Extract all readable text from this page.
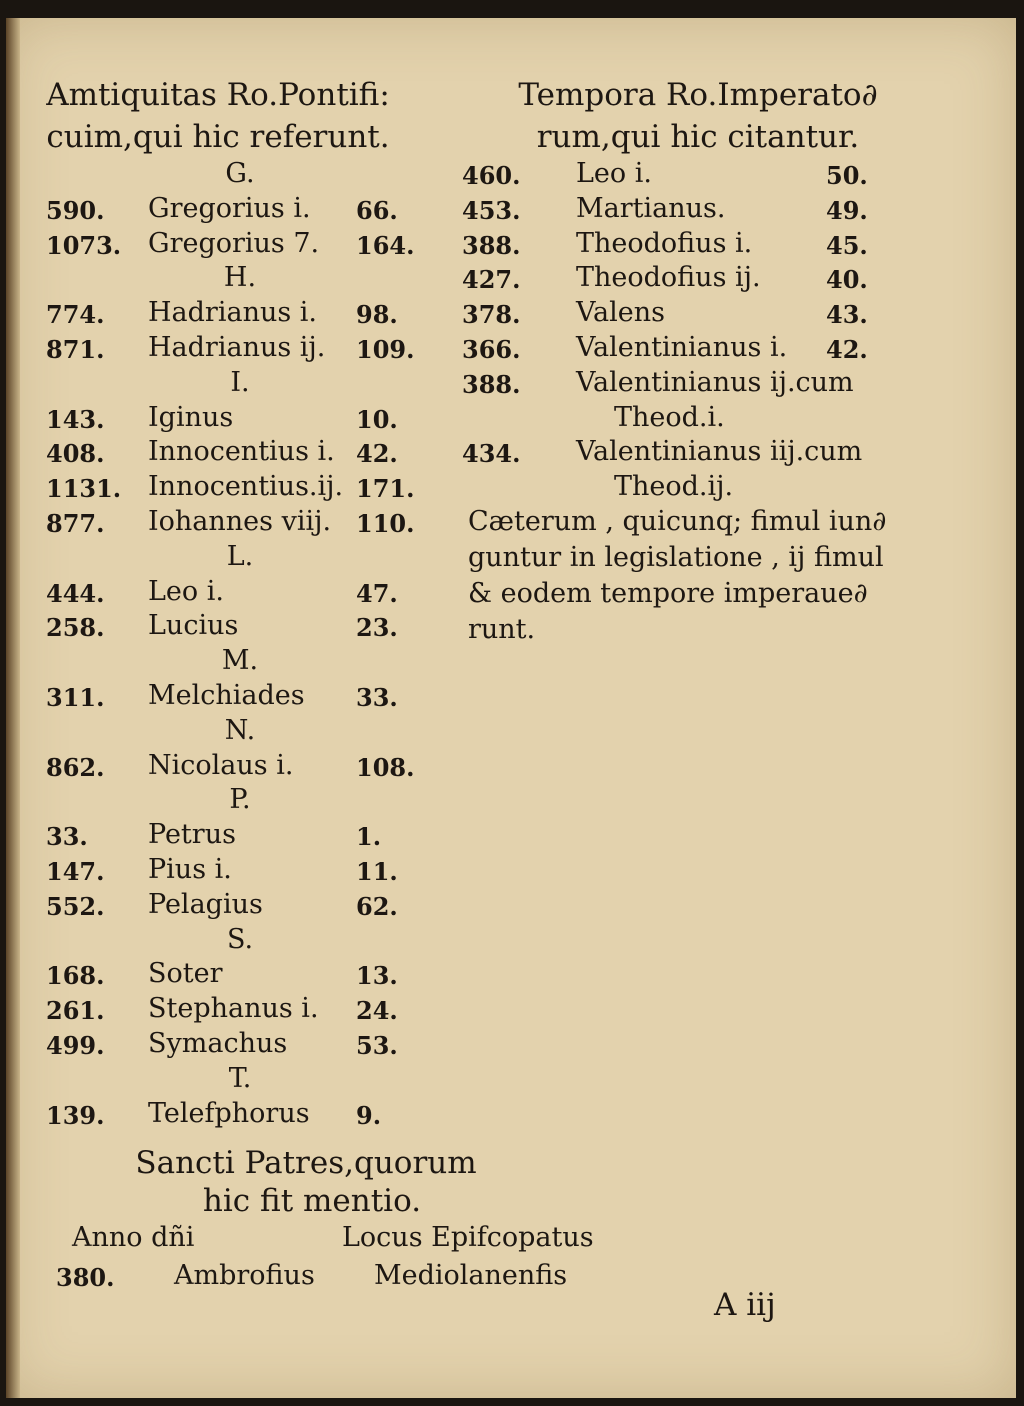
Amtiquitas Ro.Pontifi:
cuim,qui hic referunt.
Tempora Ro.Imperato∂
rum,qui hic citantur.
G.
590. Gregorius i. 66.
1073. Gregorius 7. 164.
H.
774. Hadrianus i. 98.
871. Hadrianus ij. 109.
I.
143. Iginus	10.
408. Innocentius i. 42.
1131. Innocentius.ij. 171.
877. Iohannes viij. 110.
L.
444. Leo i.	47.
258. Lucius	23.
M.
311. Melchiades 33.
N.
862. Nicolaus i.	108.
P.
33. Petrus	1.
147. Pius i.	11.
552. Pelagius	62.
S.
168. Soter	13.
261. Stephanus i. 24.
499. Symachus	53.
T.
139. Telefphorus 9.
460. Leo i.	50.
453. Martianus.	49.
388. Theodofius i.	45.
427. Theodofius ij.	40.
378. Valens	43.
366. Valentinianus i. 42.
388. Valentinianus ij.cum
Theod.i.
434. Valentinianus iij.cum
Theod.ij.
Cæterum , quicunq; fimul iun∂
guntur in legislatione , ij fimul
& eodem tempore imperaue∂
runt.
Sancti Patres,quorum
hic fit mentio.
Anno dñi	Locus Epifcopatus
380. Ambrofius Mediolanenfis
A iij
